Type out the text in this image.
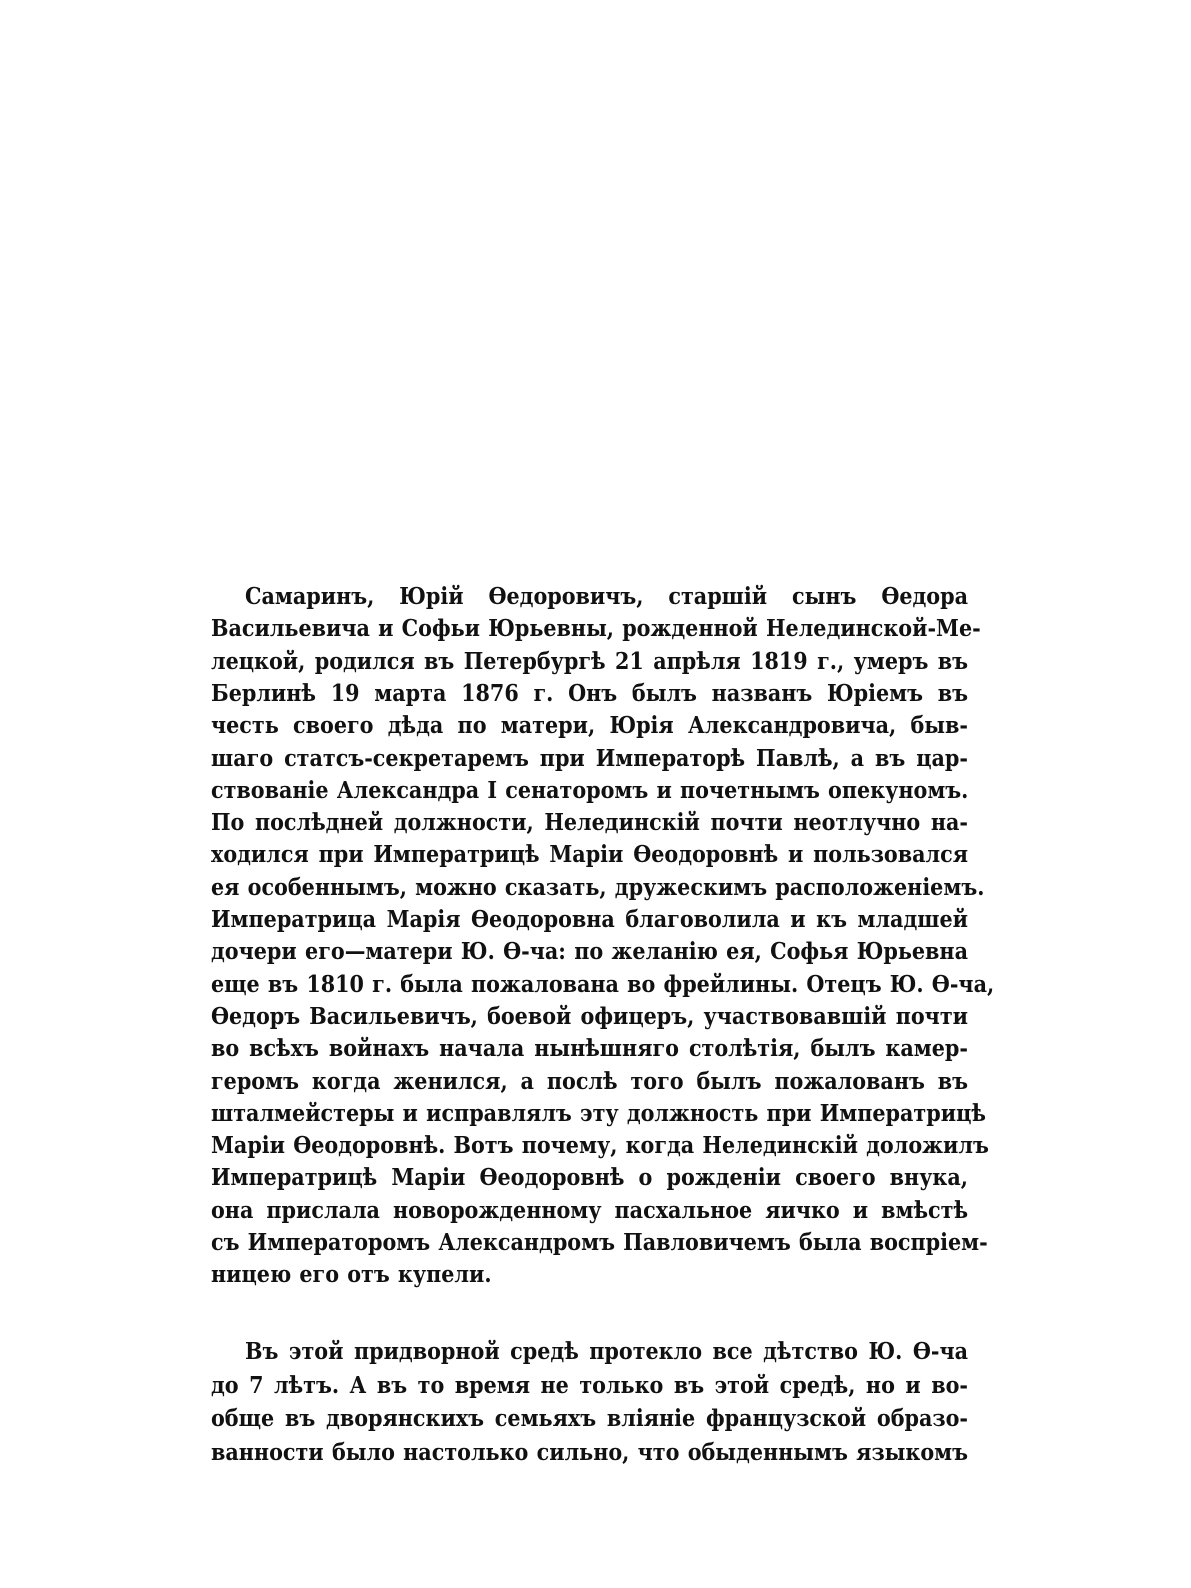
Самаринъ, Юрій Ѳедоровичъ, старшій сынъ Ѳедора
Васильевича и Софьи Юрьевны, рожденной Нелединской-Ме-
лецкой, родился въ Петербургѣ 21 апрѣля 1819 г., умеръ въ
Берлинѣ 19 марта 1876 г. Онъ былъ названъ Юріемъ въ
честь своего дѣда по матери, Юрія Александровича, быв-
шаго статсъ-секретаремъ при Императорѣ Павлѣ, а въ цар-
ствованіе Александра I сенаторомъ и почетнымъ опекуномъ.
По послѣдней должности, Нелединскій почти неотлучно на-
ходился при Императрицѣ Маріи Ѳеодоровнѣ и пользовался
ея особеннымъ, можно сказать, дружескимъ расположеніемъ.
Императрица Марія Ѳеодоровна благоволила и къ младшей
дочери его—матери Ю. Ѳ-ча: по желанію ея, Софья Юрьевна
еще въ 1810 г. была пожалована во фрейлины. Отецъ Ю. Ѳ-ча,
Ѳедоръ Васильевичъ, боевой офицеръ, участвовавшій почти
во всѣхъ войнахъ начала нынѣшняго столѣтія, былъ камер-
геромъ когда женился, а послѣ того былъ пожалованъ въ
шталмейстеры и исправлялъ эту должность при Императрицѣ
Маріи Ѳеодоровнѣ. Вотъ почему, когда Нелединскій доложилъ
Императрицѣ Маріи Ѳеодоровнѣ о рожденіи своего внука,
она прислала новорожденному пасхальное яичко и вмѣстѣ
съ Императоромъ Александромъ Павловичемъ была воспріем-
ницею его отъ купели.
Въ этой придворной средѣ протекло все дѣтство Ю. Ѳ-ча
до 7 лѣтъ. А въ то время не только въ этой средѣ, но и во-
обще въ дворянскихъ семьяхъ вліяніе французской образо-
ванности было настолько сильно, что обыденнымъ языкомъ
